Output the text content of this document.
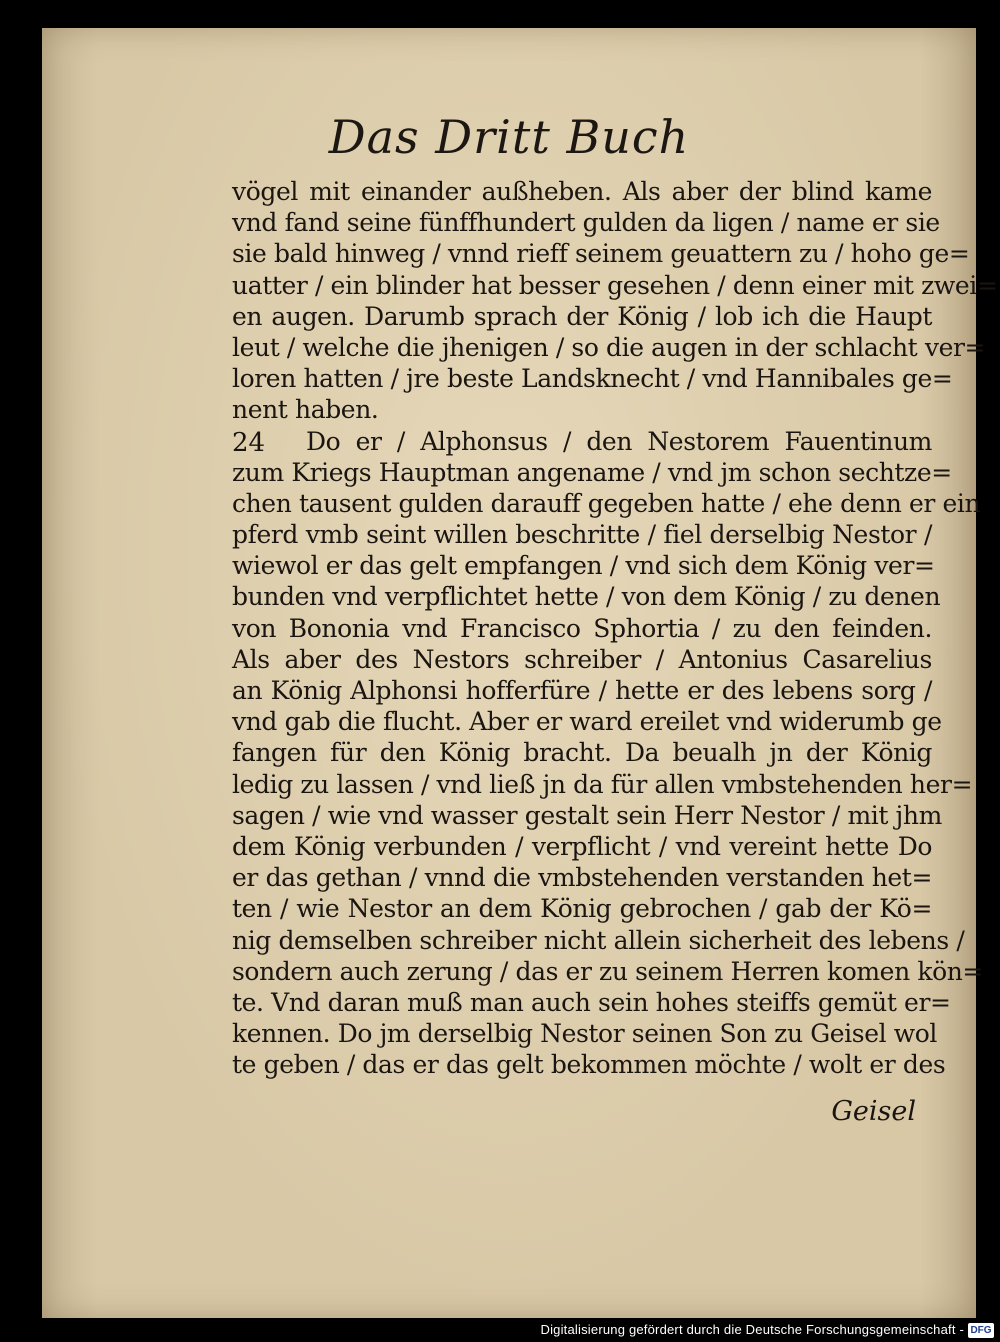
Das Dritt Buch
24
vögel mit einander außheben. Als aber der blind kame
vnd fand seine fünffhundert gulden da ligen / name er sie
sie bald hinweg / vnnd rieff seinem geuattern zu / hoho ge=
uatter / ein blinder hat besser gesehen / denn einer mit zwei=
en augen. Darumb sprach der König / lob ich die Haupt
leut / welche die jhenigen / so die augen in der schlacht ver=
loren hatten / jre beste Landsknecht / vnd Hannibales ge=
nent haben.
Do er / Alphonsus / den Nestorem Fauentinum
zum Kriegs Hauptman angename / vnd jm schon sechtze=
chen tausent gulden darauff gegeben hatte / ehe denn er ein
pferd vmb seint willen beschritte / fiel derselbig Nestor /
wiewol er das gelt empfangen / vnd sich dem König ver=
bunden vnd verpflichtet hette / von dem König / zu denen
von Bononia vnd Francisco Sphortia / zu den feinden.
Als aber des Nestors schreiber / Antonius Casarelius
an König Alphonsi hofferfüre / hette er des lebens sorg /
vnd gab die flucht. Aber er ward ereilet vnd widerumb ge
fangen für den König bracht. Da beualh jn der König
ledig zu lassen / vnd ließ jn da für allen vmbstehenden her=
sagen / wie vnd wasser gestalt sein Herr Nestor / mit jhm
dem König verbunden / verpflicht / vnd vereint hette Do
er das gethan / vnnd die vmbstehenden verstanden het=
ten / wie Nestor an dem König gebrochen / gab der Kö=
nig demselben schreiber nicht allein sicherheit des lebens /
sondern auch zerung / das er zu seinem Herren komen kön=
te. Vnd daran muß man auch sein hohes steiffs gemüt er=
kennen. Do jm derselbig Nestor seinen Son zu Geisel wol
te geben / das er das gelt bekommen möchte / wolt er des
Geisel
Digitalisierung gefördert durch die Deutsche Forschungsgemeinschaft - DFG
